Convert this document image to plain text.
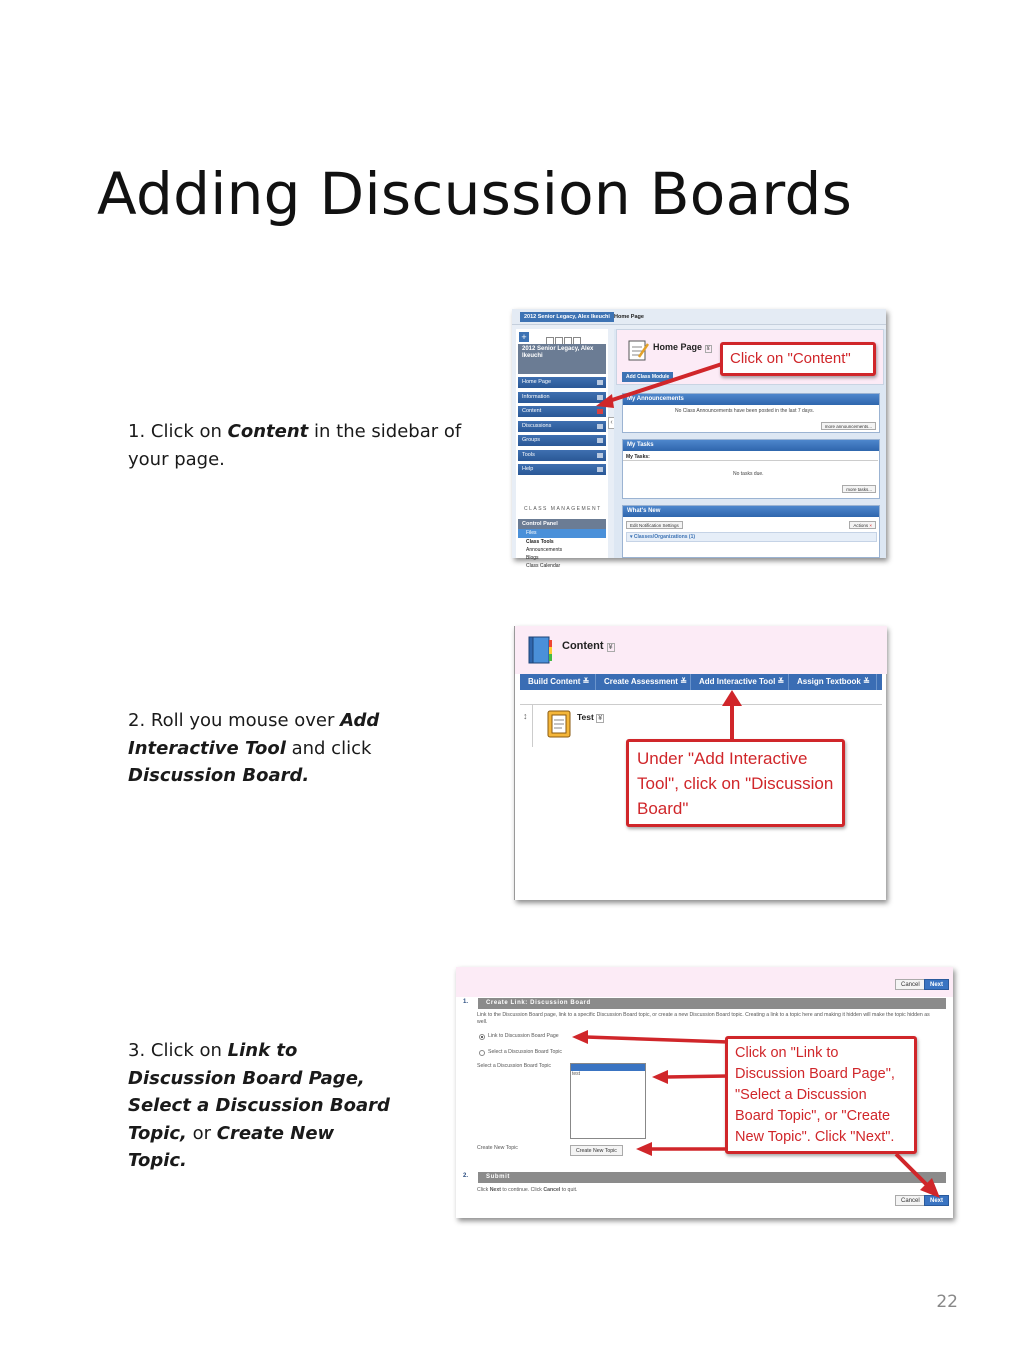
Adding Discussion Boards

1. Click on Content in the sidebar of your page.

2. Roll you mouse over Add Interactive Tool and click Discussion Board.

3. Click on Link to Discussion Board Page, Select a Discussion Board Topic, or Create New Topic.

2012 Senior Legacy, Alex Ikeuchi Home Page
+
2012 Senior Legacy, Alex Ikeuchi
Home Page
Information
Content
Discussions
Groups
Tools
Help
CLASS MANAGEMENT
Control Panel
Files
Class Tools
Announcements
Blogs
Class Calendar
‹
Home Page ¥
Add Class Module
My Announcements
No Class Announcements have been posted in the last 7 days.
more announcements...
My Tasks
My Tasks:
No tasks due.
more tasks...
What's New
Edit Notification Settings	Actions ×
▾ Classes/Organizations (1)
Click on "Content"
Content ¥
Build Content ≚	Create Assessment ≚	Add Interactive Tool ≚	Assign Textbook ≚
↕	Test ¥
Under "Add Interactive Tool", click on "Discussion Board"
Cancel	Next
1.	Create Link: Discussion Board
Link to the Discussion Board page, link to a specific Discussion Board topic, or create a new Discussion Board topic. Creating a link to a topic here and making it hidden will make the topic hidden as well.
Link to Discussion Board Page
Select a Discussion Board Topic
Select a Discussion Board Topic
test
Create New Topic	Create New Topic
2.	Submit
Click Next to continue. Click Cancel to quit.
Cancel	Next
Click on "Link to Discussion Board Page", "Select a Discussion Board Topic", or "Create New Topic". Click "Next".
22
